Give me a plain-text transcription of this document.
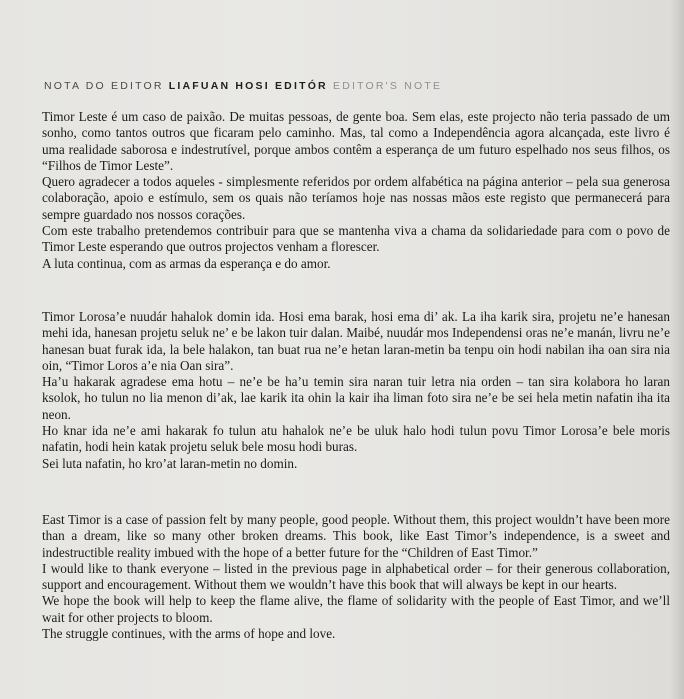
NOTA DO EDITOR LIAFUAN HOSI EDITÓR EDITOR'S NOTE

Timor Leste é um caso de paixão. De muitas pessoas, de gente boa. Sem elas, este projecto não teria passado de um sonho, como tantos outros que ficaram pelo caminho. Mas, tal como a Independência agora alcançada, este livro é uma realidade saborosa e indestrutível, porque ambos contêm a esperança de um futuro espelhado nos seus filhos, os “Filhos de Timor Leste”.

Quero agradecer a todos aqueles - simplesmente referidos por ordem alfabética na página anterior – pela sua generosa colaboração, apoio e estímulo, sem os quais não teríamos hoje nas nossas mãos este registo que permanecerá para sempre guardado nos nossos corações.

Com este trabalho pretendemos contribuir para que se mantenha viva a chama da solidariedade para com o povo de Timor Leste esperando que outros projectos venham a florescer.

A luta continua, com as armas da esperança e do amor.

Timor Lorosa’e nuudár hahalok domin ida. Hosi ema barak, hosi ema di’ ak. La iha karik sira, projetu ne’e hanesan mehi ida, hanesan projetu seluk ne’ e be lakon tuir dalan. Maibé, nuudár mos Independensi oras ne’e manán, livru ne’e hanesan buat furak ida, la bele halakon, tan buat rua ne’e hetan laran-metin ba tenpu oin hodi nabilan iha oan sira nia oin, “Timor Loros a’e nia Oan sira”.

Ha’u hakarak agradese ema hotu – ne’e be ha’u temin sira naran tuir letra nia orden – tan sira kolabora ho laran ksolok, ho tulun no lia menon di’ak, lae karik ita ohin la kair iha liman foto sira ne’e be sei hela metin nafatin iha ita neon.

Ho knar ida ne’e ami hakarak fo tulun atu hahalok ne’e be uluk halo hodi tulun povu Timor Lorosa’e bele moris nafatin, hodi hein katak projetu seluk bele mosu hodi buras.

Sei luta nafatin, ho kro’at laran-metin no domin.

East Timor is a case of passion felt by many people, good people. Without them, this project wouldn’t have been more than a dream, like so many other broken dreams. This book, like East Timor’s independence, is a sweet and indestructible reality imbued with the hope of a better future for the “Children of East Timor.”

I would like to thank everyone – listed in the previous page in alphabetical order – for their generous collaboration, support and encouragement. Without them we wouldn’t have this book that will always be kept in our hearts.

We hope the book will help to keep the flame alive, the flame of solidarity with the people of East Timor, and we’ll wait for other projects to bloom.

The struggle continues, with the arms of hope and love.
